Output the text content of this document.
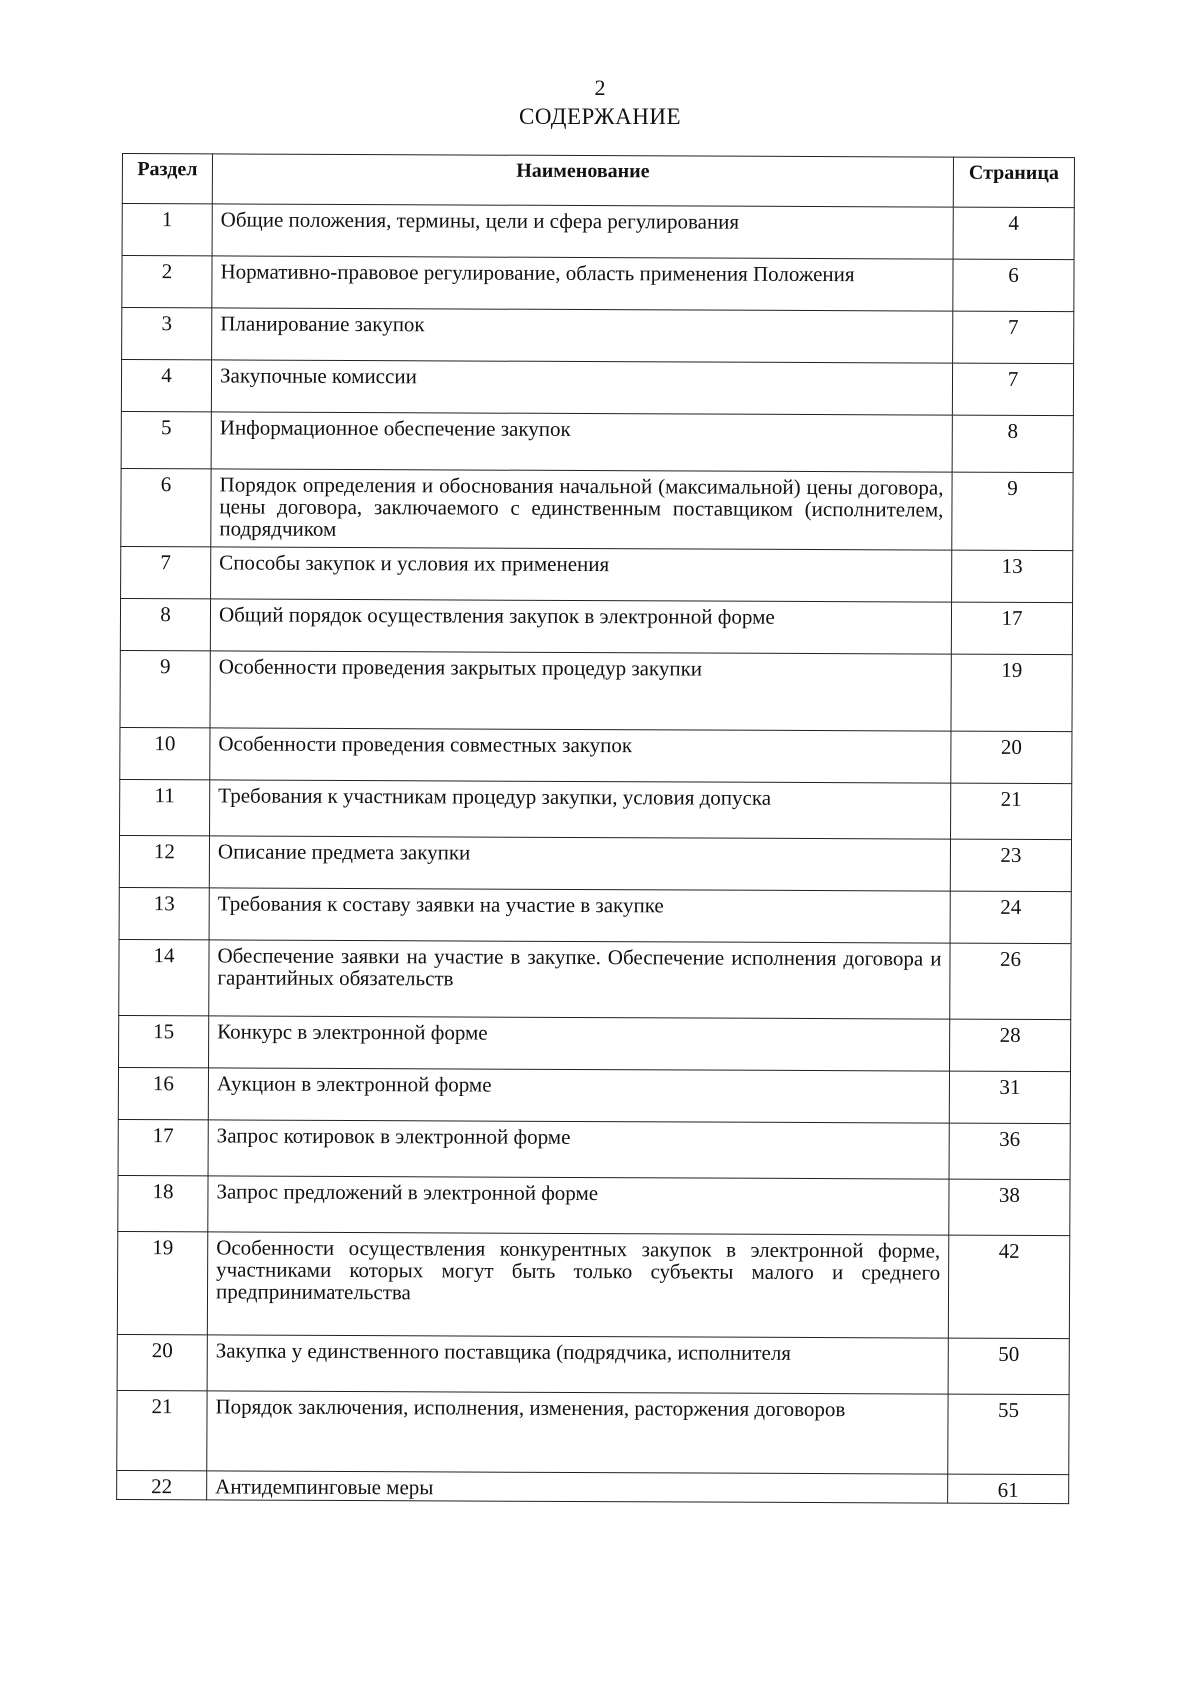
2
СОДЕРЖАНИЕ
Раздел	Наименование	Страница
1	Общие положения, термины, цели и сфера регулирования	4
2	Нормативно-правовое регулирование, область применения Положения	6
3	Планирование закупок	7
4	Закупочные комиссии	7
5	Информационное обеспечение закупок	8
6	Порядок определения и обоснования начальной (максимальной) цены договора, цены договора, заключаемого с единственным поставщиком (исполнителем, подрядчиком	9
7	Способы закупок и условия их применения	13
8	Общий порядок осуществления закупок в электронной форме	17
9	Особенности проведения закрытых процедур закупки	19
10	Особенности проведения совместных закупок	20
11	Требования к участникам процедур закупки, условия допуска	21
12	Описание предмета закупки	23
13	Требования к составу заявки на участие в закупке	24
14	Обеспечение заявки на участие в закупке. Обеспечение исполнения договора и гарантийных обязательств	26
15	Конкурс в электронной форме	28
16	Аукцион в электронной форме	31
17	Запрос котировок в электронной форме	36
18	Запрос предложений в электронной форме	38
19	Особенности осуществления конкурентных закупок в электронной форме, участниками которых могут быть только субъекты малого и среднего предпринимательства	42
20	Закупка у единственного поставщика (подрядчика, исполнителя	50
21	Порядок заключения, исполнения, изменения, расторжения договоров	55
22	Антидемпинговые меры	61
